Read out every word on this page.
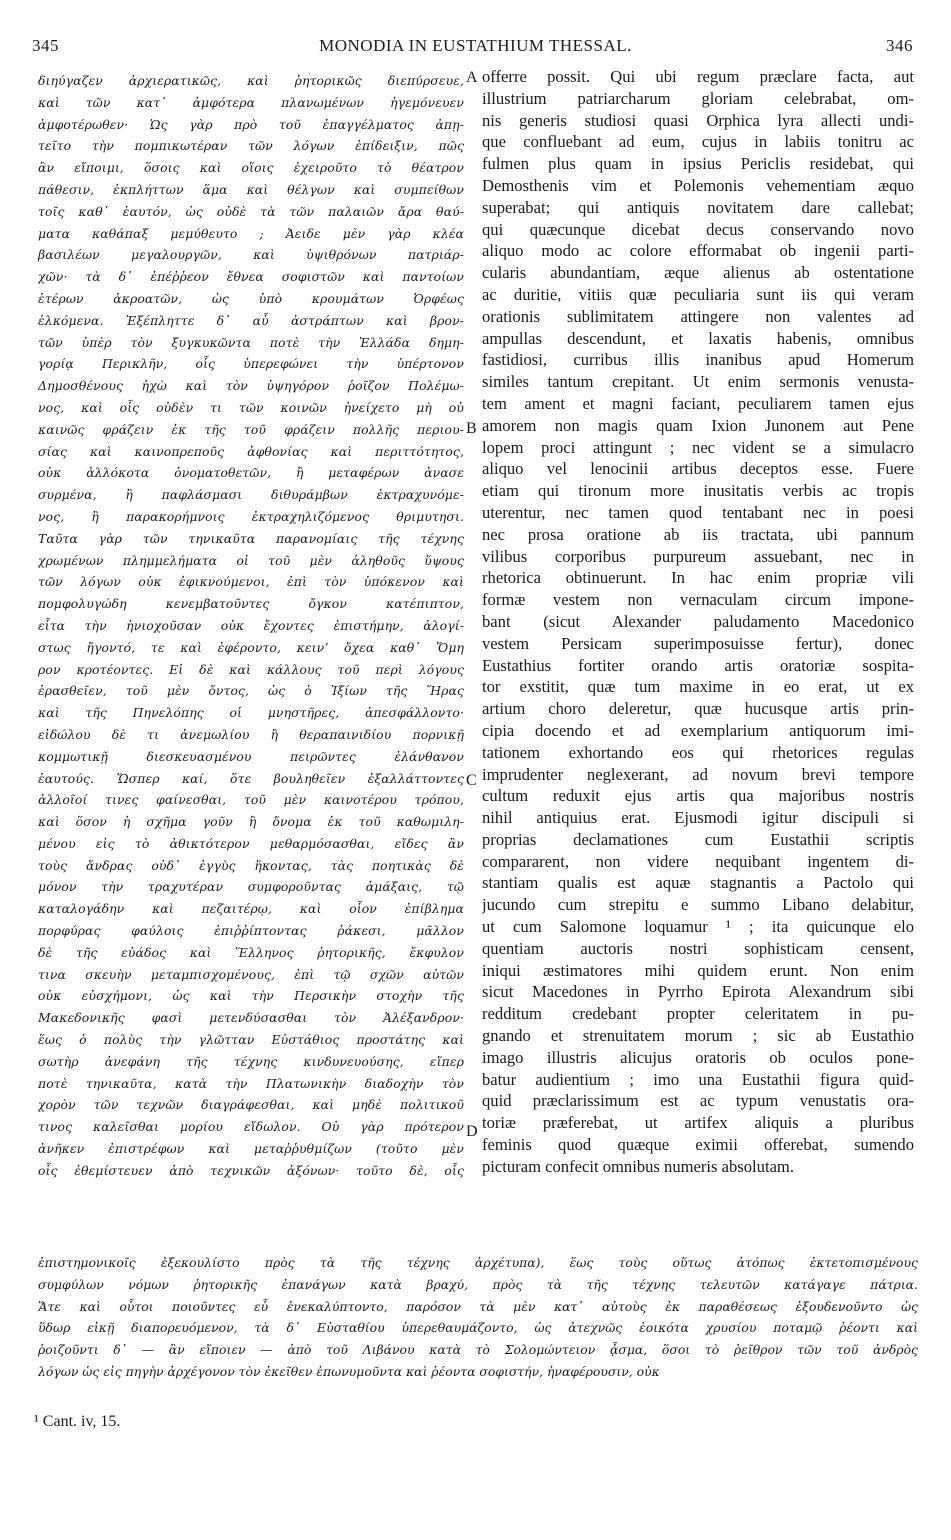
345	MONODIA IN EUSTATHIUM THESSAL.	346
διηύγαζεν ἀρχιερατικῶς, καὶ ῥητορικῶς διεπύρσευε,
καὶ τῶν κατ᾽ ἀμφότερα πλανωμένων ἡγεμόνευεν
ἀμφοτέρωθεν· Ὡς γὰρ πρὸ τοῦ ἐπαγγέλματος ἀπῃ-
τεῖτο τὴν πομπικωτέραν τῶν λόγων ἐπίδειξιν, πῶς
ἂν εἴποιμι, ὅσοις καὶ οἵοις ἐχειροῦτο τὸ θέατρον
πάθεσιν, ἐκπλήττων ἅμα καὶ θέλγων καὶ συμπείθων
τοῖς καθ᾽ ἑαυτόν, ὡς οὐδὲ τὰ τῶν παλαιῶν ἄρα θαύ-
ματα καθάπαξ μεμύθευτο ; Ἀειδε μὲν γὰρ κλέα
βασιλέων μεγαλουργῶν, καὶ ὑψιθρόνων πατριάρ-
χῶν· τὰ δ᾽ ἐπέῤῥεον ἔθνεα σοφιστῶν καὶ παντοίων
ἑτέρων ἀκροατῶν, ὡς ὑπὸ κρουμάτων Ὀρφέως
ἑλκόμενα. Ἐξέπληττε δ᾽ αὖ ἀστράπτων καὶ βρον-
τῶν ὑπὲρ τὸν ξυγκυκῶντα ποτὲ τὴν Ἑλλάδα δημη-
γορίᾳ Περικλῆν, οἷς ὑπερεφώνει τὴν ὑπέρτονον
Δημοσθένους ἠχὼ καὶ τὸν ὑψηγόρον ῥοῖζον Πολέμω-
νος, καὶ οἷς οὐδὲν τι τῶν κοινῶν ἠνείχετο μὴ οὐ
καινῶς φράζειν ἐκ τῆς τοῦ φράζειν πολλῆς περιου-
σίας καὶ καινοπρεποῦς ἀφθονίας καὶ περιττότητος,
οὐκ ἀλλόκοτα ὀνοματοθετῶν, ἢ μεταφέρων ἀνασε
συρμένα, ἢ παφλάσμασι διθυράμβων ἐκτραχυνόμε-
νος, ἢ παρακορήμνοις ἐκτραχηλιζόμενος θριμυτησι.
Ταῦτα γὰρ τῶν τηνικαῦτα παρανομίαις τῆς τέχνης
χρωμένων πλημμελήματα οἱ τοῦ μὲν ἀληθοῦς ὕψους
τῶν λόγων οὐκ ἐφικνούμενοι, ἐπὶ τὸν ὑπόκενον καὶ
πομφολυγώδη κενεμβατοῦντες ὄγκον κατέπιπτον,
εἶτα τὴν ἡνιοχοῦσαν οὐκ ἔχοντες ἐπιστήμην, ἀλογί-
στως ἤγοντό, τε καὶ ἐφέροντο, κεινʼ ὄχεα καθ᾽ Ὅμη
ρον κροτέοντες. Εἰ δὲ καὶ κάλλους τοῦ περὶ λόγους
ἐρασθεῖεν, τοῦ μὲν ὄντος, ὡς ὁ Ἰξίων τῆς Ἥρας
καὶ τῆς Πηνελόπης οἱ μνηστῆρες, ἀπεσφάλλοντο·
εἰδώλου δὲ τι ἀνεμωλίου ἢ θεραπαινιδίου πορνικῇ
κομμωτικῇ διεσκευασμένου πειρῶντες ἐλάνθανον
ἑαυτούς. Ὥσπερ καί, ὅτε βουληθεῖεν ἐξαλλάττοντες
ἀλλοῖοί τινες φαίνεσθαι, τοῦ μὲν καινοτέρου τρόπου,
καὶ ὅσον ἡ σχῆμα γοῦν ἢ ὄνομα ἐκ τοῦ καθωμιλη-
μένου εἰς τὸ ἀθικτότερον μεθαρμόσασθαι, εἴδες ἂν
τοὺς ἄνδρας οὐδ᾽ ἐγγὺς ἥκοντας, τὰς ποητικὰς δὲ
μόνον τὴν τραχυτέραν συμφοροῦντας ἁμάξαις, τῷ
καταλογάδην καὶ πεζαιτέρῳ, καὶ οἷον ἐπίβλημα
πορφύρας φαύλοις ἐπιῤῥίπτοντας ῥάκεσι, μᾶλλον
δὲ τῆς εὐάδος καὶ Ἕλληνος ῥητορικῆς, ἔκφυλον
τινα σκευὴν μεταμπισχομένους, ἐπὶ τῷ σχῶν αὐτῶν
οὐκ εὐσχήμονι, ὡς καὶ τὴν Περσικὴν στοχὴν τῆς
Μακεδονικῆς φασὶ μετενδύσασθαι τὸν Ἀλέξανδρον·
ἕως ὁ πολὺς τὴν γλῶτταν Εὐστάθιος προστάτης καὶ
σωτὴρ ἀνεφάνη τῆς τέχνης κινδυνευούσης, εἴπερ
ποτὲ τηνικαῦτα, κατὰ τὴν Πλατωνικὴν διαδοχὴν τὸν
χορὸν τῶν τεχνῶν διαγράφεσθαι, καὶ μηδὲ πολιτικοῦ
τινος καλεῖσθαι μορίου εἴδωλον. Οὐ γὰρ πρότερον
ἀνῆκεν ἐπιστρέφων καὶ μεταῤῥυθμίζων (τοῦτο μὲν
οἷς ἐθεμίστευεν ἀπὸ τεχνικῶν ἀξόνων· τοῦτο δὲ, οἷς
A
B
C
D
offerre possit. Qui ubi regum præclare facta, aut
illustrium patriarcharum gloriam celebrabat, om-
nis generis studiosi quasi Orphica lyra allecti undi-
que confluebant ad eum, cujus in labiis tonitru ac
fulmen plus quam in ipsius Periclis residebat, qui
Demosthenis vim et Polemonis vehementiam æquo
superabat; qui antiquis novitatem dare callebat;
qui quæcunque dicebat decus conservando novo
aliquo modo ac colore efformabat ob ingenii parti-
cularis abundantiam, æque alienus ab ostentatione
ac duritie, vitiis quæ peculiaria sunt iis qui veram
orationis sublimitatem attingere non valentes ad
ampullas descendunt, et laxatis habenis, omnibus
fastidiosi, curribus illis inanibus apud Homerum
similes tantum crepitant. Ut enim sermonis venusta-
tem ament et magni faciant, peculiarem tamen ejus
amorem non magis quam Ixion Junonem aut Pene
lopem proci attingunt ; nec vident se a simulacro
aliquo vel lenocinii artibus deceptos esse. Fuere
etiam qui tironum more inusitatis verbis ac tropis
uterentur, nec tamen quod tentabant nec in poesi
nec prosa oratione ab iis tractata, ubi pannum
vilibus corporibus purpureum assuebant, nec in
rhetorica obtinuerunt. In hac enim propriæ vili
formæ vestem non vernaculam circum impone-
bant (sicut Alexander paludamento Macedonico
vestem Persicam superimposuisse fertur), donec
Eustathius fortiter orando artis oratoriæ sospita-
tor exstitit, quæ tum maxime in eo erat, ut ex
artium choro deleretur, quæ hucusque artis prin-
cipia docendo et ad exemplarium antiquorum imi-
tationem exhortando eos qui rhetorices regulas
imprudenter neglexerant, ad novum brevi tempore
cultum reduxit ejus artis qua majoribus nostris
nihil antiquius erat. Ejusmodi igitur discipuli si
proprias declamationes cum Eustathii scriptis
compararent, non videre nequibant ingentem di-
stantiam qualis est aquæ stagnantis a Pactolo qui
jucundo cum strepitu e summo Libano delabitur,
ut cum Salomone loquamur ¹ ; ita quicunque elo
quentiam auctoris nostri sophisticam censent,
iniqui æstimatores mihi quidem erunt. Non enim
sicut Macedones in Pyrrho Epirota Alexandrum sibi
redditum credebant propter celeritatem in pu-
gnando et strenuitatem morum ; sic ab Eustathio
imago illustris alicujus oratoris ob oculos pone-
batur audientium ; imo una Eustathii figura quid-
quid præclarissimum est ac typum venustatis ora-
toriæ præferebat, ut artifex aliquis a pluribus
feminis quod quæque eximii offerebat, sumendo
picturam confecit omnibus numeris absolutam.
ἐπιστημονικοῖς ἐξεκουλίστο πρὸς τὰ τῆς τέχνης ἀρχέτυπα), ἕως τοὺς οὕτως ἀτόπως ἐκτετοπισμένους
συμφύλων νόμων ῥητορικῆς ἐπανάγων κατὰ βραχύ, πρὸς τὰ τῆς τέχνης τελευτῶν κατάγαγε πάτρια.
Ἅτε καὶ οὗτοι ποιοῦντες εὖ ἐνεκαλύπτοντο, παρόσον τὰ μὲν κατ᾽ αὐτοὺς ἐκ παραθέσεως ἐξουδενοῦντο ὡς
ὕδωρ εἰκῇ διαπορευόμενον, τὰ δ᾽ Εὐσταθίου ὑπερεθαυμάζοντο, ὡς ἀτεχνῶς ἐοικότα χρυσίου ποταμῷ ῥέοντι καὶ
ῥοιζοῦντι δ᾽ — ἂν εἴποιεν — ἀπὸ τοῦ Λιβάνου κατὰ τὸ Σολομώντειον ᾆσμα, ὅσοι τὸ ῥεῖθρον τῶν τοῦ ἀνδρὸς
λόγων ὡς εἰς πηγὴν ἀρχέγονον τὸν ἐκεῖθεν ἐπωνυμοῦντα καὶ ῥέοντα σοφιστήν, ἠναφέρουσιν, οὐκ
¹ Cant. iv, 15.
